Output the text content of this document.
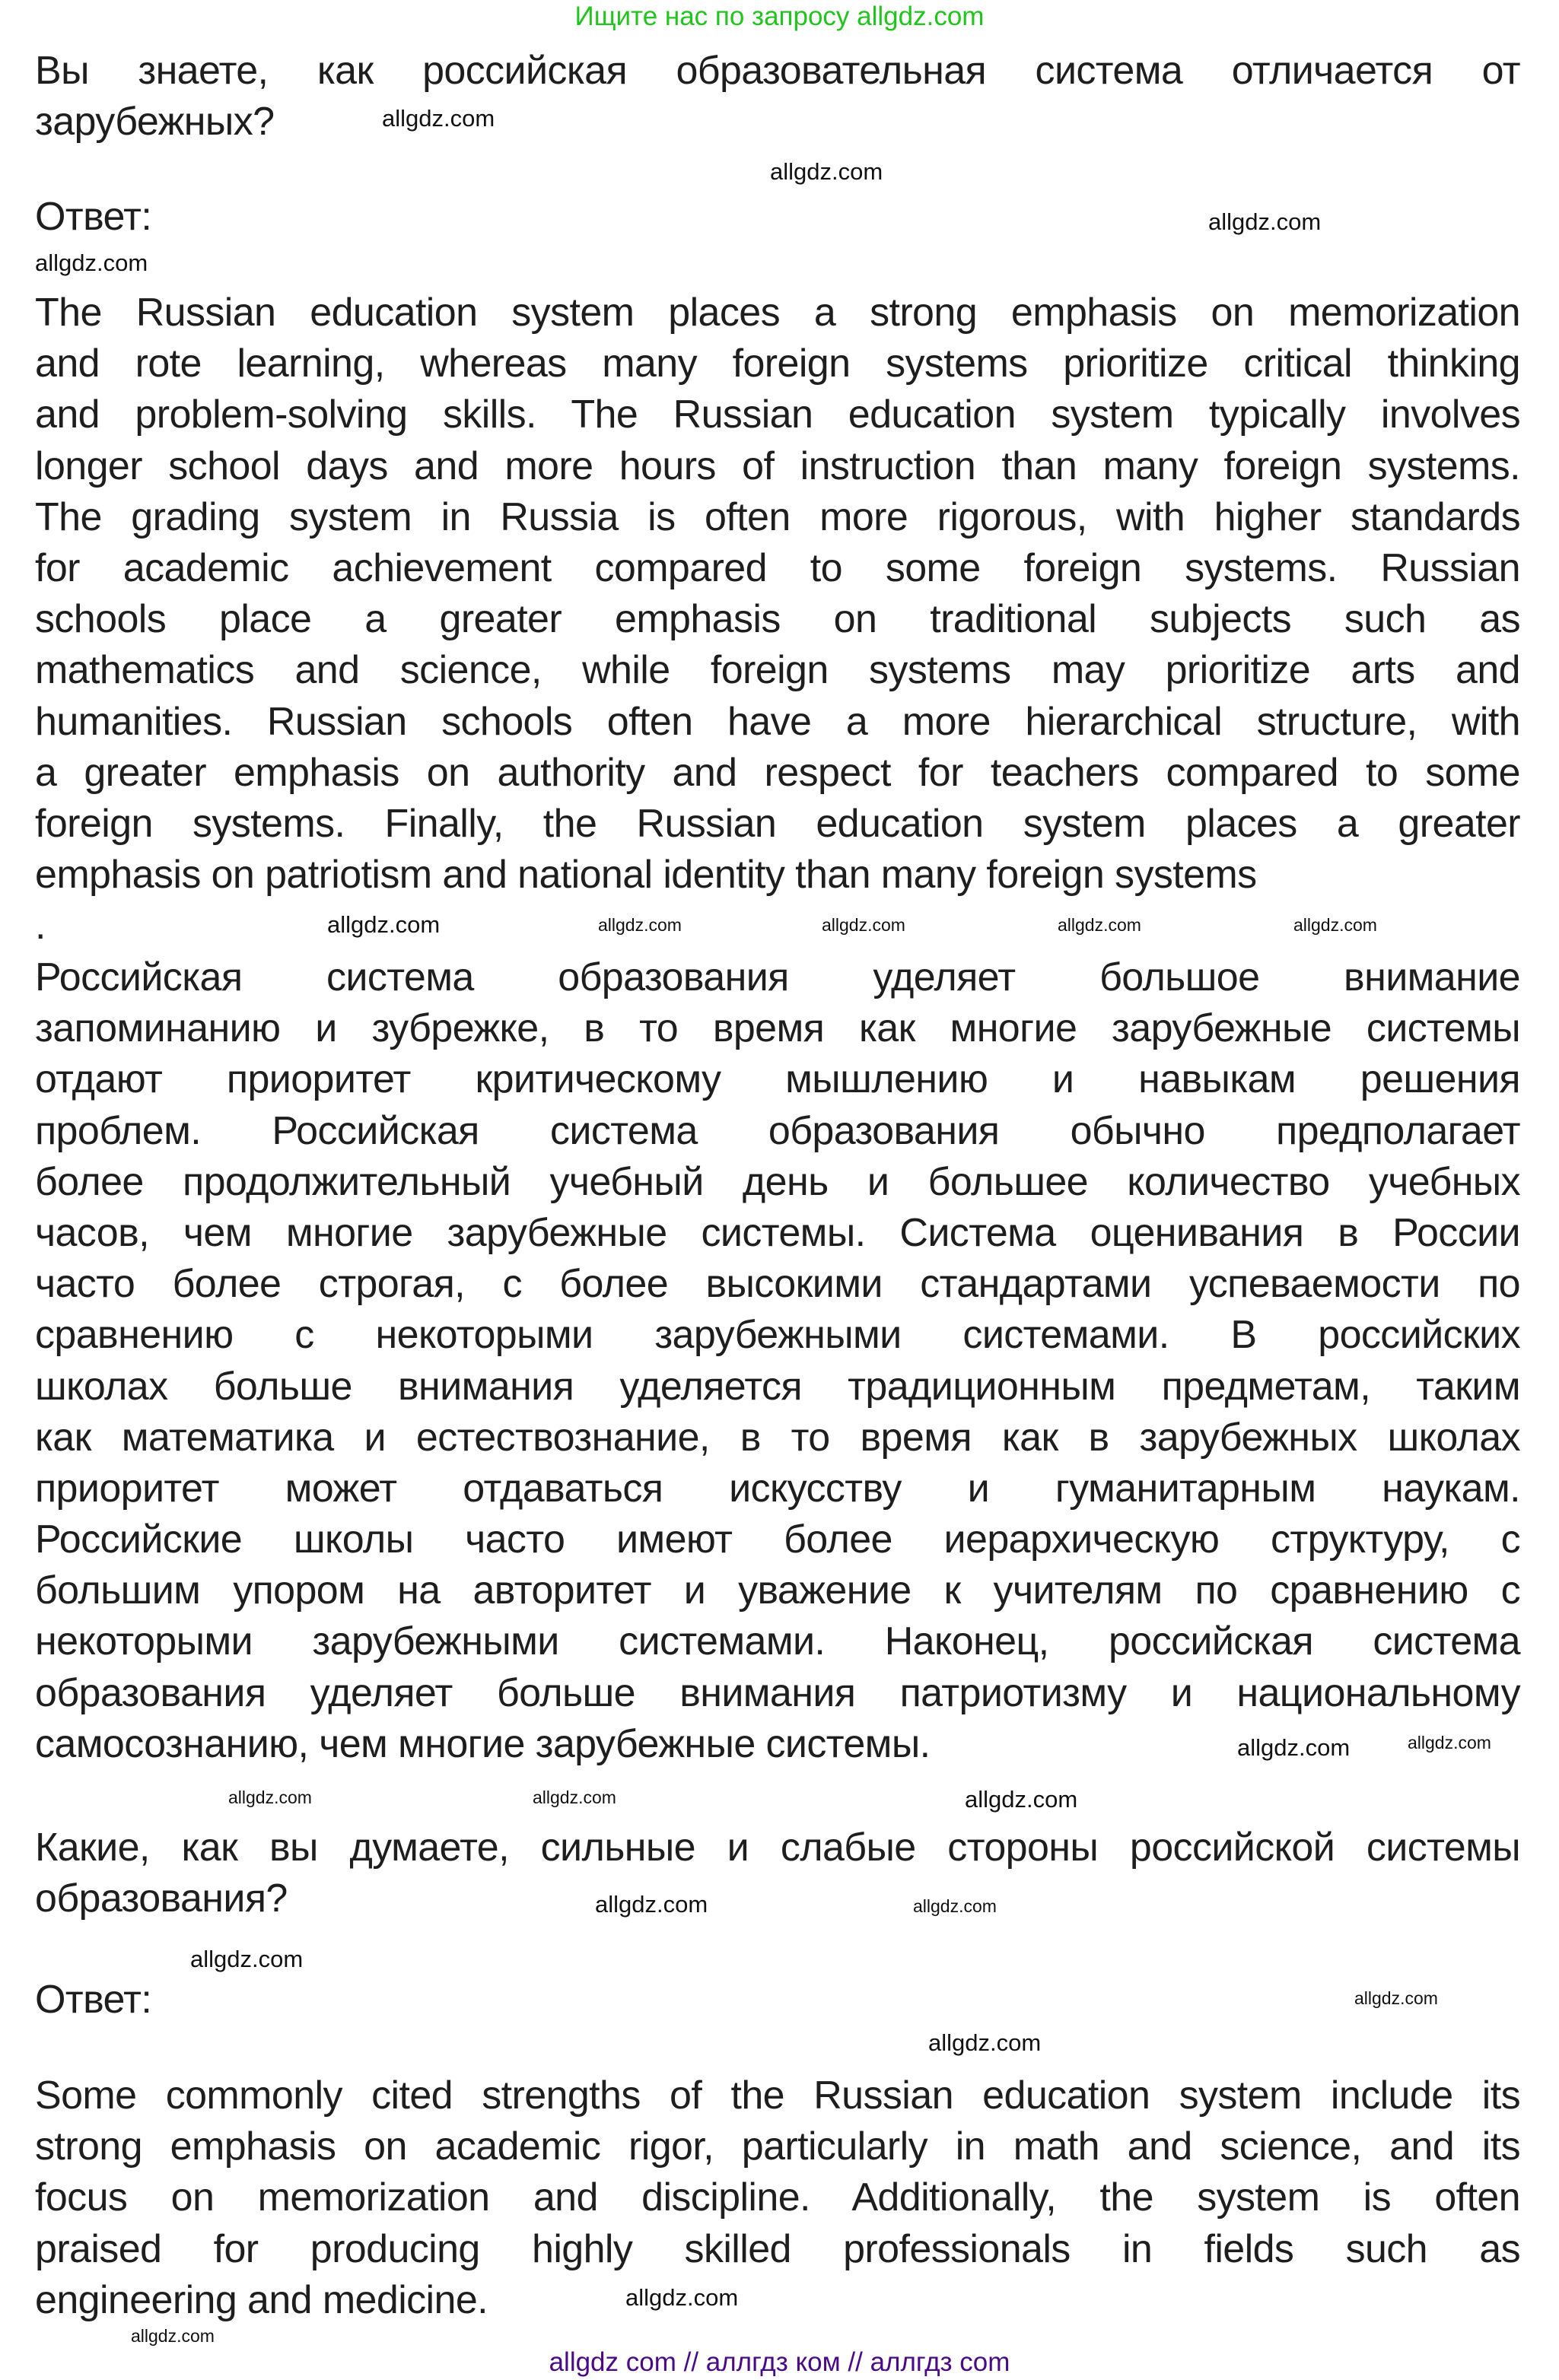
Ищите нас по запросу allgdz.com
Вы знаете, как российская образовательная система отличается от
зарубежных?
Ответ:
The Russian education system places a strong emphasis on memorization
and rote learning, whereas many foreign systems prioritize critical thinking
and problem-solving skills. The Russian education system typically involves
longer school days and more hours of instruction than many foreign systems.
The grading system in Russia is often more rigorous, with higher standards
for academic achievement compared to some foreign systems. Russian
schools place a greater emphasis on traditional subjects such as
mathematics and science, while foreign systems may prioritize arts and
humanities. Russian schools often have a more hierarchical structure, with
a greater emphasis on authority and respect for teachers compared to some
foreign systems. Finally, the Russian education system places a greater
emphasis on patriotism and national identity than many foreign systems
.
Российская система образования уделяет большое внимание
запоминанию и зубрежке, в то время как многие зарубежные системы
отдают приоритет критическому мышлению и навыкам решения
проблем. Российская система образования обычно предполагает
более продолжительный учебный день и большее количество учебных
часов, чем многие зарубежные системы. Система оценивания в России
часто более строгая, с более высокими стандартами успеваемости по
сравнению с некоторыми зарубежными системами. В российских
школах больше внимания уделяется традиционным предметам, таким
как математика и естествознание, в то время как в зарубежных школах
приоритет может отдаваться искусству и гуманитарным наукам.
Российские школы часто имеют более иерархическую структуру, с
большим упором на авторитет и уважение к учителям по сравнению с
некоторыми зарубежными системами. Наконец, российская система
образования уделяет больше внимания патриотизму и национальному
самосознанию, чем многие зарубежные системы.
Какие, как вы думаете, сильные и слабые стороны российской системы
образования?
Ответ:
Some commonly cited strengths of the Russian education system include its
strong emphasis on academic rigor, particularly in math and science, and its
focus on memorization and discipline. Additionally, the system is often
praised for producing highly skilled professionals in fields such as
engineering and medicine.
allgdz.com
allgdz.com
allgdz.com
allgdz.com
allgdz.com
allgdz.com	allgdz.com	allgdz.com	allgdz.com
allgdz.com
allgdz.com	allgdz.com
allgdz.com
allgdz.com
allgdz.com
allgdz.com
allgdz.com
allgdz.com
allgdz.com
allgdz.com
allgdz.com
allgdz com // аллгдз ком // аллгдз com
